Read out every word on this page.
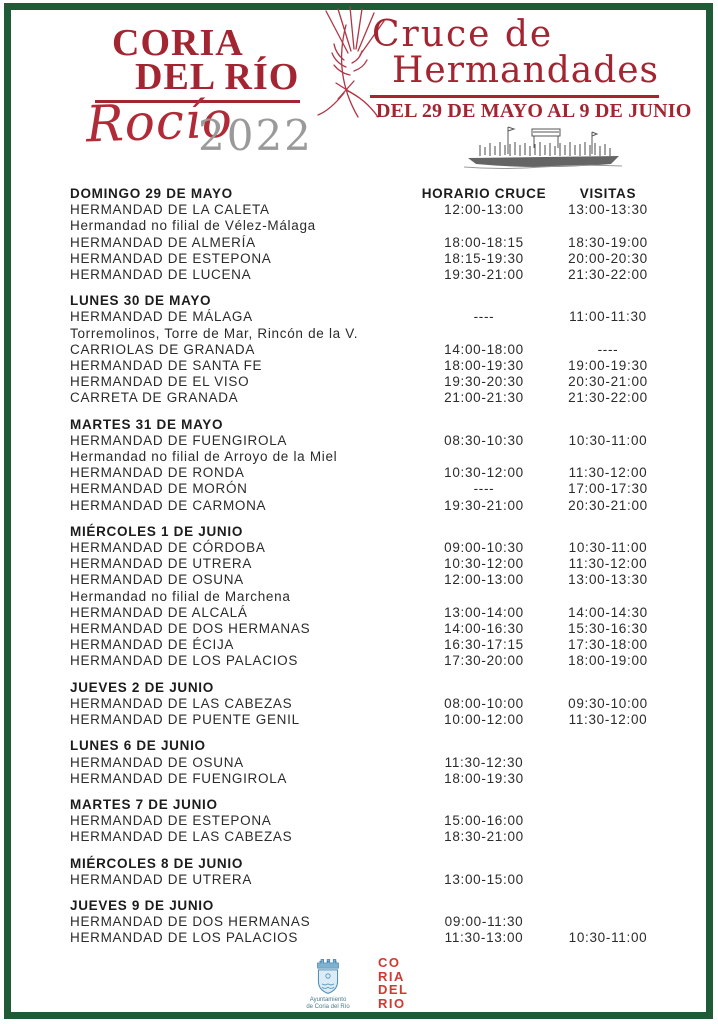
CORIA
DEL RÍO
Rocío
2022
Cruce de
Hermandades
DEL 29 DE MAYO AL 9 DE JUNIO
DOMINGO 29 DE MAYO	HORARIO CRUCE	VISITAS
HERMANDAD DE LA CALETA	12:00-13:00	13:00-13:30
Hermandad no filial de Vélez-Málaga
HERMANDAD DE ALMERÍA	18:00-18:15	18:30-19:00
HERMANDAD DE ESTEPONA	18:15-19:30	20:00-20:30
HERMANDAD DE LUCENA	19:30-21:00	21:30-22:00
LUNES 30 DE MAYO
HERMANDAD DE MÁLAGA	----	11:00-11:30
Torremolinos, Torre de Mar, Rincón de la V.
CARRIOLAS DE GRANADA	14:00-18:00	----
HERMANDAD DE SANTA FE	18:00-19:30	19:00-19:30
HERMANDAD DE EL VISO	19:30-20:30	20:30-21:00
CARRETA DE GRANADA	21:00-21:30	21:30-22:00
MARTES 31 DE MAYO
HERMANDAD DE FUENGIROLA	08:30-10:30	10:30-11:00
Hermandad no filial de Arroyo de la Miel
HERMANDAD DE RONDA	10:30-12:00	11:30-12:00
HERMANDAD DE MORÓN	----	17:00-17:30
HERMANDAD DE CARMONA	19:30-21:00	20:30-21:00
MIÉRCOLES 1 DE JUNIO
HERMANDAD DE CÓRDOBA	09:00-10:30	10:30-11:00
HERMANDAD DE UTRERA	10:30-12:00	11:30-12:00
HERMANDAD DE OSUNA	12:00-13:00	13:00-13:30
Hermandad no filial de Marchena
HERMANDAD DE ALCALÁ	13:00-14:00	14:00-14:30
HERMANDAD DE DOS HERMANAS	14:00-16:30	15:30-16:30
HERMANDAD DE ÉCIJA	16:30-17:15	17:30-18:00
HERMANDAD DE LOS PALACIOS	17:30-20:00	18:00-19:00
JUEVES 2 DE JUNIO
HERMANDAD DE LAS CABEZAS	08:00-10:00	09:30-10:00
HERMANDAD DE PUENTE GENIL	10:00-12:00	11:30-12:00
LUNES 6 DE JUNIO
HERMANDAD DE OSUNA	11:30-12:30
HERMANDAD DE FUENGIROLA	18:00-19:30
MARTES 7 DE JUNIO
HERMANDAD DE ESTEPONA	15:00-16:00
HERMANDAD DE LAS CABEZAS	18:30-21:00
MIÉRCOLES 8 DE JUNIO
HERMANDAD DE UTRERA	13:00-15:00
JUEVES 9 DE JUNIO
HERMANDAD DE DOS HERMANAS	09:00-11:30
HERMANDAD DE LOS PALACIOS	11:30-13:00	10:30-11:00
Ayuntamiento
de Coria del Río
CO
RIA
DEL
RIO
